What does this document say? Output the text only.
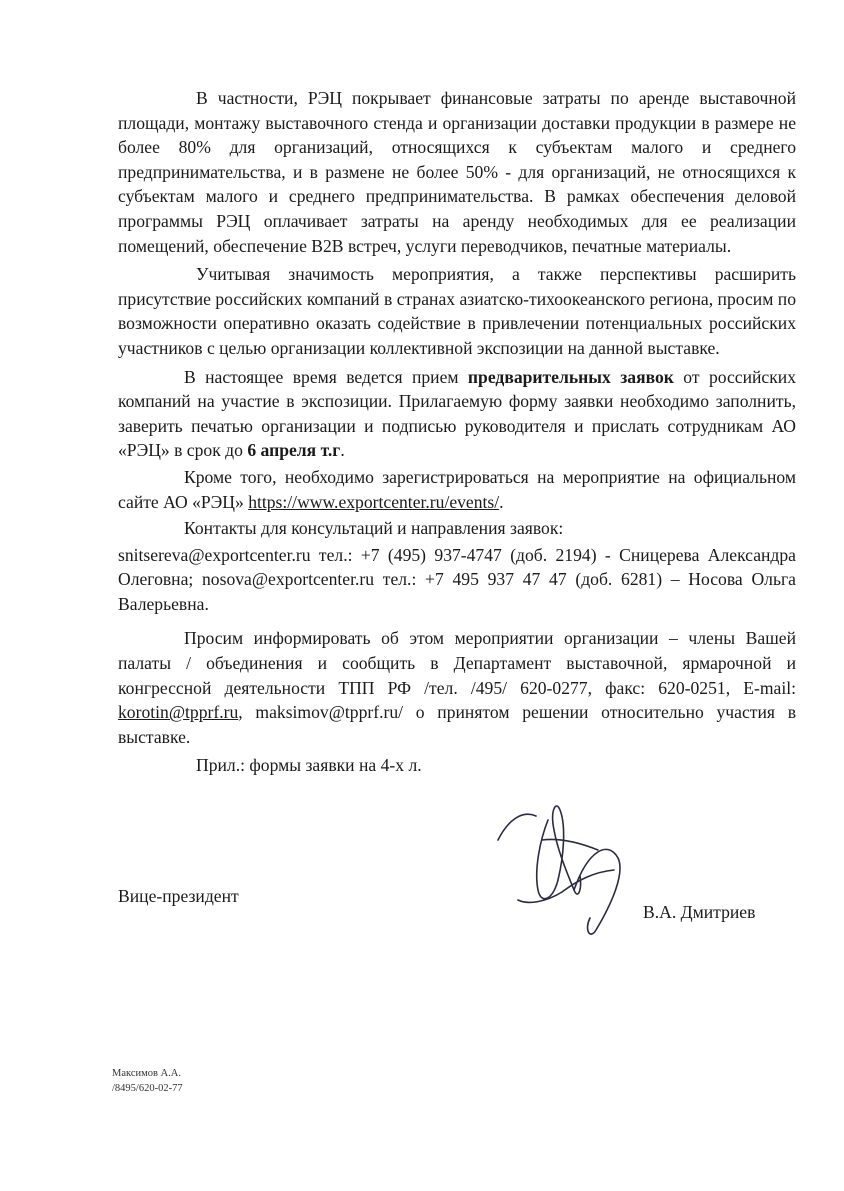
В частности, РЭЦ покрывает финансовые затраты по аренде выставочной площади, монтажу выставочного стенда и организации доставки продукции в размере не более 80% для организаций, относящихся к субъектам малого и среднего предпринимательства, и в размене не более 50% - для организаций, не относящихся к субъектам малого и среднего предпринимательства. В рамках обеспечения деловой программы РЭЦ оплачивает затраты на аренду необходимых для ее реализации помещений, обеспечение B2B встреч, услуги переводчиков, печатные материалы.

Учитывая значимость мероприятия, а также перспективы расширить присутствие российских компаний в странах азиатско-тихоокеанского региона, просим по возможности оперативно оказать содействие в привлечении потенциальных российских участников с целью организации коллективной экспозиции на данной выставке.

В настоящее время ведется прием предварительных заявок от российских компаний на участие в экспозиции. Прилагаемую форму заявки необходимо заполнить, заверить печатью организации и подписью руководителя и прислать сотрудникам АО «РЭЦ» в срок до 6 апреля т.г.

Кроме того, необходимо зарегистрироваться на мероприятие на официальном сайте АО «РЭЦ» https://www.exportcenter.ru/events/.

Контакты для консультаций и направления заявок:

snitsereva@exportcenter.ru тел.: +7 (495) 937-4747 (доб. 2194) - Сницерева Александра Олеговна; nosova@exportcenter.ru тел.: +7 495 937 47 47 (доб. 6281) – Носова Ольга Валерьевна.

Просим информировать об этом мероприятии организации – члены Вашей палаты / объединения и сообщить в Департамент выставочной, ярмарочной и конгрессной деятельности ТПП РФ /тел. /495/ 620-0277, факс: 620-0251, E-mail: korotin@tpprf.ru, maksimov@tpprf.ru/ о принятом решении относительно участия в выставке.

Прил.: формы заявки на 4-х л.

Вице-президент
В.А. Дмитриев
Максимов А.А.
/8495/620-02-77
